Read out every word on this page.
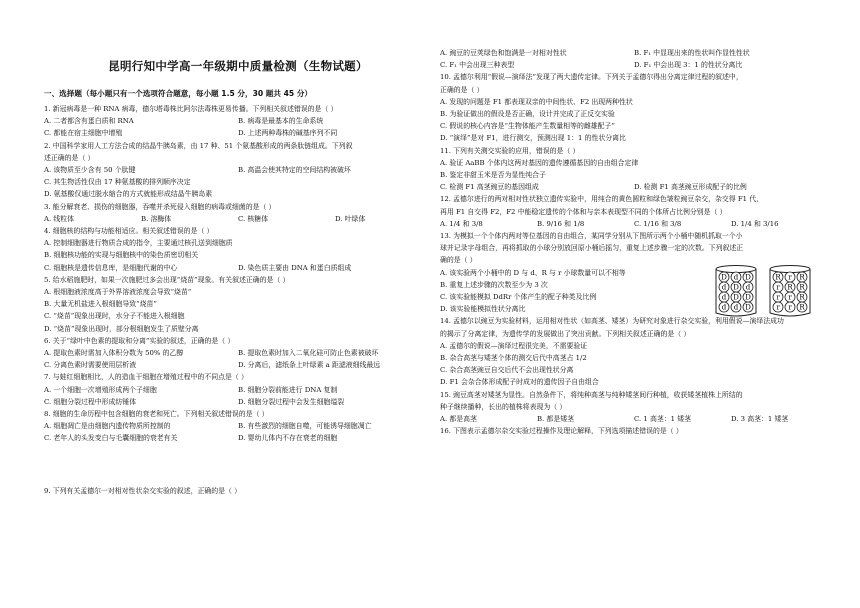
昆明行知中学高一年级期中质量检测（生物试题）
一、选择题（每小题只有一个选项符合题意，每小题 1.5 分，30 题共 45 分）
1. 新冠病毒是一种 RNA 病毒，德尔塔毒株比阿尔法毒株更易传播。下列相关叙述错误的是（ ）
A. 二者都含有蛋白质和 RNA	B. 病毒是最基本的生命系统
C. 都能在宿主细胞中增殖	D. 上述两种毒株的碱基序列不同
2. 中国科学家用人工方法合成的结晶牛胰岛素，由 17 种、51 个氨基酸形成的两条肽链组成。下列叙
述正确的是（ ）
A. 该物质至少含有 50 个肽键	B. 高温会使其特定的空间结构被破坏
C. 其生物活性仅由 17 种氨基酸的排列顺序决定
D. 氨基酸仅通过脱水缩合的方式就能形成结晶牛胰岛素
3. 能分解衰老、损伤的细胞器，吞噬并杀死侵入细胞的病毒或细菌的是（ ）
A. 线粒体	B. 溶酶体	C. 核糖体	D. 叶绿体
4. 细胞核的结构与功能相适应。相关叙述错误的是（ ）
A. 控制细胞器进行物质合成的指令，主要通过核孔送到细胞质
B. 细胞核功能的实现与细胞核中的染色质密切相关
C. 细胞核是遗传信息库，是细胞代谢的中心	D. 染色质主要由 DNA 和蛋白质组成
5. 给水稻施肥时，如果一次施肥过多会出现“烧苗”现象。有关叙述正确的是（ ）
A. 根细胞液浓度高于外界溶液浓度会导致“烧苗”
B. 大量无机盐进入根细胞导致“烧苗”
C. “烧苗”现象出现时，水分子不能进入根细胞
D. “烧苗”现象出现时，部分根细胞发生了质壁分离
6. 关于“绿叶中色素的提取和分离”实验的叙述，正确的是（ ）
A. 提取色素时需加入体积分数为 50% 的乙醇	B. 提取色素时加入二氧化硅可防止色素被破坏
C. 分离色素时需要使用层析液	D. 分离后，滤纸条上叶绿素 a 距滤液细线最远
7. 与蛙红细胞相比，人的造血干细胞在增殖过程中的不同点是（ ）
A. 一个细胞一次增殖形成两个子细胞	B. 细胞分裂前能进行 DNA 复制
C. 细胞分裂过程中形成纺锤体	D. 细胞分裂过程中会发生细胞缢裂
8. 细胞的生命历程中包含细胞的衰老和死亡。下列相关叙述错误的是（ ）
A. 细胞凋亡是由细胞内遗传物质所控制的	B. 有些激烈的细胞自噬，可能诱导细胞凋亡
C. 老年人的头发变白与毛囊细胞的衰老有关	D. 婴幼儿体内不存在衰老的细胞
9. 下列有关孟德尔一对相对性状杂交实验的叙述，正确的是（ ）
A. 豌豆的豆荚绿色和饱满是一对相对性状	B. F₁ 中显现出来的性状叫作显性性状
C. F₁ 中会出现三种表型	D. F₁ 中会出现 3：1 的性状分离比
10. 孟德尔利用“假说—演绎法”发现了两大遗传定律。下列关于孟德尔得出分离定律过程的叙述中，
正确的是（ ）
A. 发现的问题是 F1 都表现双亲的中间性状、F2 出现两种性状
B. 为验证做出的假设是否正确，设计并完成了正反交实验
C. 假说的核心内容是“生物体能产生数量相等的雌雄配子”
D. “演绎”是对 F1，进行测交，预测出现 1：1 的性状分离比
11. 下列有关测交实验的应用，错误的是（ ）
A. 验证 AaBB 个体内这两对基因的遗传遵循基因的自由组合定律
B. 鉴定非甜玉米是否为显性纯合子
C. 检测 F1 高茎豌豆的基因组成	D. 检测 F1 高茎豌豆形成配子的比例
12. 孟德尔进行的两对相对性状独立遗传实验中，用纯合的黄色圆粒和绿色皱粒豌豆杂交，杂交得 F1 代，
再用 F1 自交得 F2，F2 中能稳定遗传的个体和与亲本表现型不同的个体所占比例分别是（ ）
A. 1/4 和 3/8	B. 9/16 和 1/8	C. 1/16 和 3/8	D. 1/4 和 3/16
13. 为模拟一个个体内两对等位基因的自由组合，某同学分别从下图所示两个小桶中随机抓取一个小
球并记录字母组合，再将抓取的小球分别放回原小桶后摇匀，重复上述步骤一定的次数。下列叙述正
确的是（ ）
A. 该实验两个小桶中的 D 与 d、R 与 r 小球数量可以不相等
B. 重复上述步骤的次数至少为 3 次
C. 该实验能模拟 DdRr 个体产生的配子种类及比例
D. 该实验能模拟性状分离比
D d D
d D d
d D D
d d D
R r R
r R R
r r R
r r R
14. 孟德尔以豌豆为实验材料，运用相对性状（如高茎、矮茎）为研究对象进行杂交实验，利用假说—演绎法成功
的揭示了分离定律，为遗传学的发展做出了突出贡献。下列相关叙述正确的是（ ）
A. 孟德尔的假说—演绎过程很完美，不需要验证
B. 杂合高茎与矮茎个体的测交后代中高茎占 1/2
C. 杂合高茎豌豆自交后代不会出现性状分离
D. F1 会杂合体形成配子时成对的遗传因子自由组合
15. 豌豆高茎对矮茎为显性。自然条件下，将纯种高茎与纯种矮茎间行种植，收获矮茎植株上所结的
种子继续播种，长出的植株将表现为（ ）
A. 都是高茎	B. 都是矮茎	C. 1 高茎：1 矮茎	D. 3 高茎：1 矮茎
16. 下图表示孟德尔杂交实验过程操作及理论解释，下列选项描述错误的是（ ）
